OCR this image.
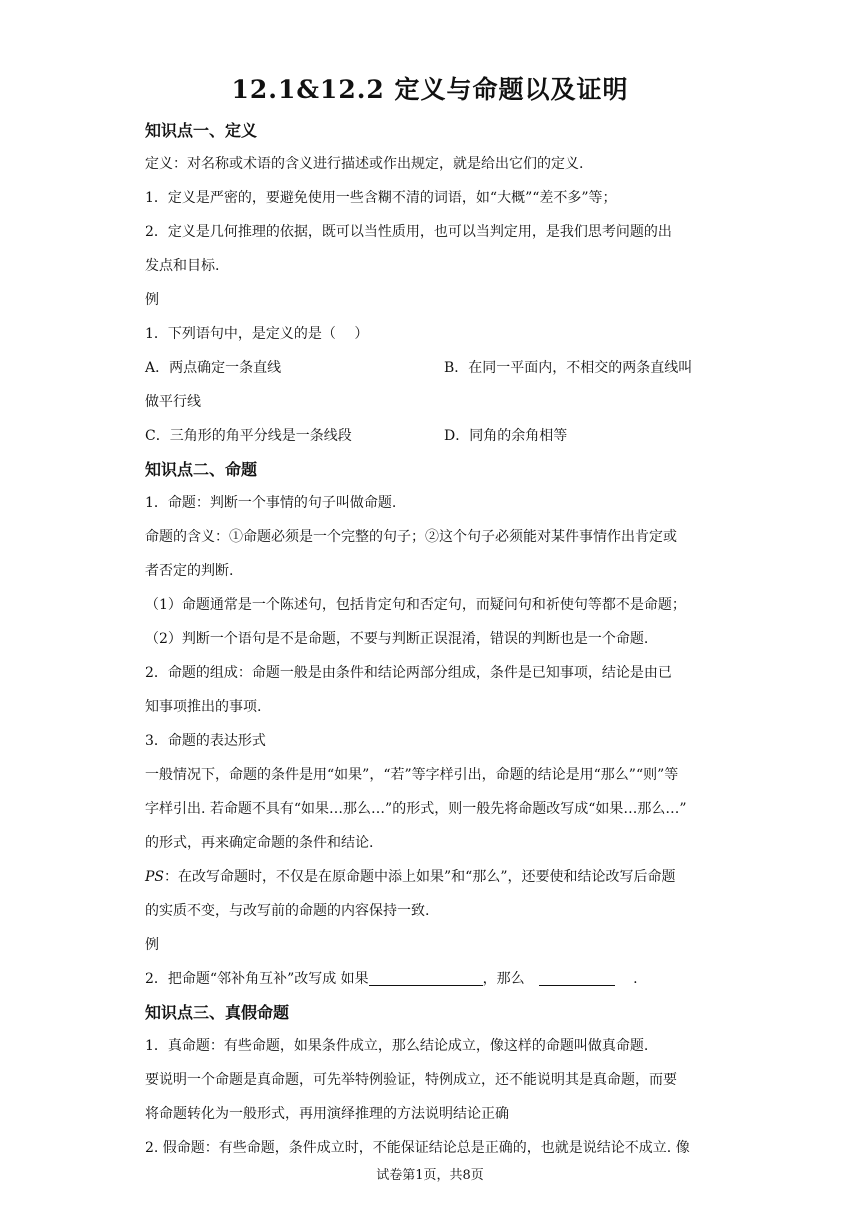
12.1&12.2 定义与命题以及证明
知识点一、定义
定义：对名称或术语的含义进行描述或作出规定，就是给出它们的定义.
1．定义是严密的，要避免使用一些含糊不清的词语，如“大概”“差不多”等；
2．定义是几何推理的依据，既可以当性质用，也可以当判定用，是我们思考问题的出
发点和目标.
例
1．下列语句中，是定义的是（　 ）
A．两点确定一条直线	B．在同一平面内，不相交的两条直线叫
做平行线
C．三角形的角平分线是一条线段	D．同角的余角相等
知识点二、命题
1．命题：判断一个事情的句子叫做命题.
命题的含义：①命题必须是一个完整的句子；②这个句子必须能对某件事情作出肯定或
者否定的判断.
（1）命题通常是一个陈述句，包括肯定句和否定句，而疑问句和祈使句等都不是命题；
（2）判断一个语句是不是命题，不要与判断正误混淆，错误的判断也是一个命题.
2．命题的组成：命题一般是由条件和结论两部分组成，条件是已知事项，结论是由已
知事项推出的事项.
3．命题的表达形式
一般情况下，命题的条件是用“如果”，“若”等字样引出，命题的结论是用“那么”“则”等
字样引出. 若命题不具有“如果…那么…”的形式，则一般先将命题改写成“如果…那么…”
的形式，再来确定命题的条件和结论.
PS：在改写命题时，不仅是在原命题中添上如果”和“那么”，还要使和结论改写后命题
的实质不变，与改写前的命题的内容保持一致.
例
2．把命题“邻补角互补”改写成 如果	，那么　	　 .
知识点三、真假命题
1．真命题：有些命题，如果条件成立，那么结论成立，像这样的命题叫做真命题.
要说明一个命题是真命题，可先举特例验证，特例成立，还不能说明其是真命题，而要
将命题转化为一般形式，再用演绎推理的方法说明结论正确
2. 假命题：有些命题，条件成立时，不能保证结论总是正确的，也就是说结论不成立. 像
试卷第1页，共8页
